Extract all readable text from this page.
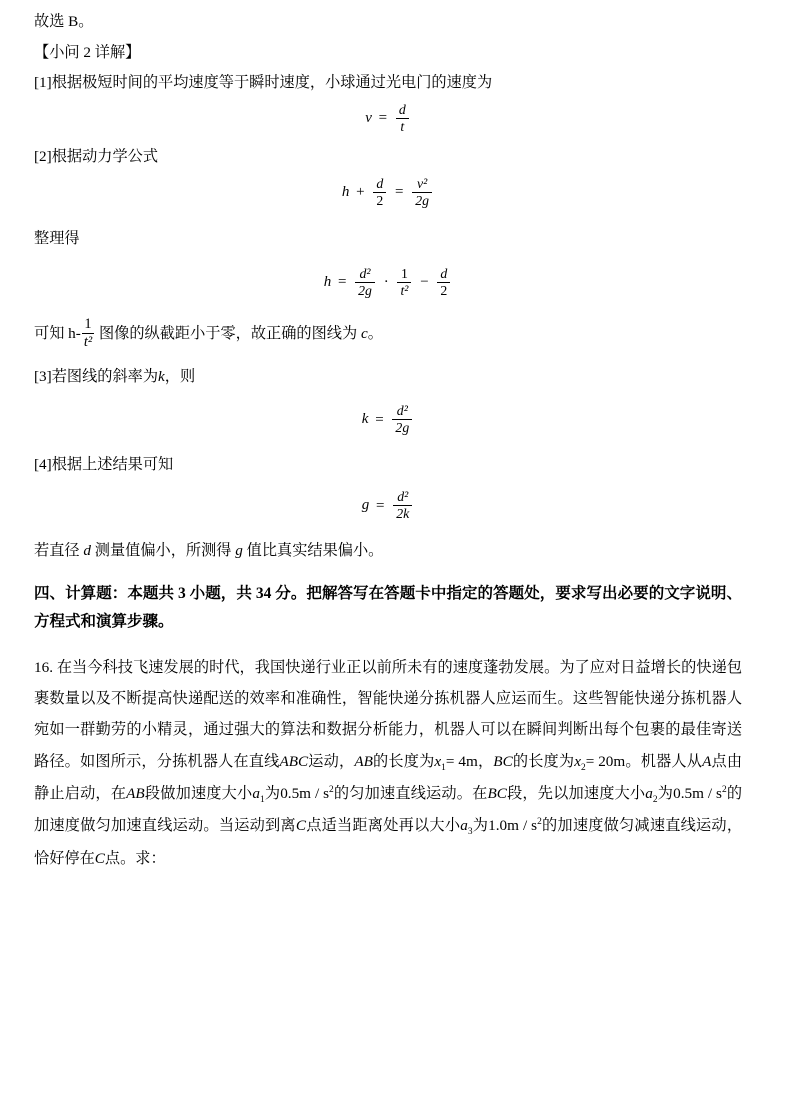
故选 B。

【小问 2 详解】

[1]根据极短时间的平均速度等于瞬时速度，小球通过光电门的速度为

$v = \frac{d}{t}$

[2]根据动力学公式

$h + \frac{d}{2} = \frac{\text{v²}}{2g}$

整理得

$h = \frac{\text{d²}}{2g} \cdot \frac{1}{\text{t²}} - \frac{d}{2}$

可知 $h- \frac{1}{\text{t²}}$ 图像的纵截距小于零，故正确的图线为 c。

[3]若图线的斜率为k，则

$k = \frac{\text{d²}}{2g}$

[4]根据上述结果可知

$g = \frac{\text{d²}}{2k}$

若直径 d 测量值偏小，所测得 g 值比真实结果偏小。

四、计算题：本题共 3 小题，共 34 分。把解答写在答题卡中指定的答题处，要求写出必要的文字说明、方程式和演算步骤。

16. 在当今科技飞速发展的时代，我国快递行业正以前所未有的速度蓬勃发展。为了应对日益增长的快递包裹数量以及不断提高快递配送的效率和准确性，智能快递分拣机器人应运而生。这些智能快递分拣机器人宛如一群勤劳的小精灵，通过强大的算法和数据分析能力，机器人可以在瞬间判断出每个包裹的最佳寄送路径。如图所示，分拣机器人在直线ABC运动，AB的长度为$x_1= 4m$，BC的长度为$x_2= 20m$。机器人从A点由静止启动，在AB段做加速度大小$a_1$为$0.5m / s^2$的匀加速直线运动。在BC段，先以加速度大小$a_2$为$0.5m / s^2$的加速度做匀加速直线运动。当运动到离C点适当距离处再以大小$a_3$为$1.0m / s^2$的加速度做匀减速直线运动，恰好停在C点。求：
